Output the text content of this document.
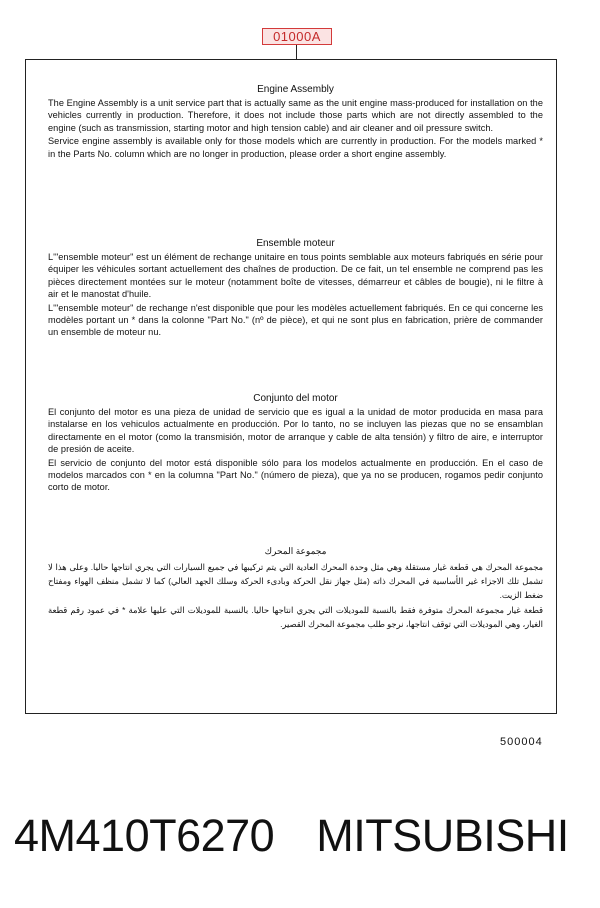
01000A
Engine Assembly

The Engine Assembly is a unit service part that is actually same as the unit engine mass-produced for installation on the vehicles currently in production. Therefore, it does not include those parts which are not directly assembled to the engine (such as transmission, starting motor and high tension cable) and air cleaner and oil pressure switch.

Service engine assembly is available only for those models which are currently in production. For the models marked * in the Parts No. column which are no longer in production, please order a short engine assembly.

Ensemble moteur

L'"ensemble moteur" est un élément de rechange unitaire en tous points semblable aux moteurs fabriqués en série pour équiper les véhicules sortant actuellement des chaînes de production. De ce fait, un tel ensemble ne comprend pas les pièces directement montées sur le moteur (notamment boîte de vitesses, démarreur et câbles de bougie), ni le filtre à air et le manostat d'huile.

L'"ensemble moteur" de rechange n'est disponible que pour les modèles actuellement fabriqués. En ce qui concerne les modèles portant un * dans la colonne "Part No." (nº de pièce), et qui ne sont plus en fabrication, prière de commander un ensemble de moteur nu.

Conjunto del motor

El conjunto del motor es una pieza de unidad de servicio que es igual a la unidad de motor producida en masa para instalarse en los vehiculos actualmente en producción. Por lo tanto, no se incluyen las piezas que no se ensamblan directamente en el motor (como la transmisión, motor de arranque y cable de alta tensión) y filtro de aire, e interruptor de presión de aceite.

El servicio de conjunto del motor está disponible sólo para los modelos actualmente en producción. En el caso de modelos marcados con * en la columna "Part No." (número de pieza), que ya no se producen, rogamos pedir conjunto corto de motor.

مجموعة المحرك

مجموعة المحرك هي قطعة غيار مستقلة وهي مثل وحدة المحرك العادية التي يتم تركيبها في جميع السيارات التي يجري انتاجها حاليا. وعلى هذا لا تشمل تلك الاجزاء غير الأساسية في المحرك ذاته (مثل جهاز نقل الحركة وبادىء الحركة وسلك الجهد العالي) كما لا تشمل منظف الهواء ومفتاح ضغط الزيت.

قطعة غيار مجموعة المحرك متوفرة فقط بالنسبة للموديلات التي يجري انتاجها حاليا. بالنسبة للموديلات التي عليها علامة * في عمود رقم قطعة الغيار، وهي الموديلات التي توقف انتاجها، نرجو طلب مجموعة المحرك القصير.

500004
4M410T6270 MITSUBISHI
